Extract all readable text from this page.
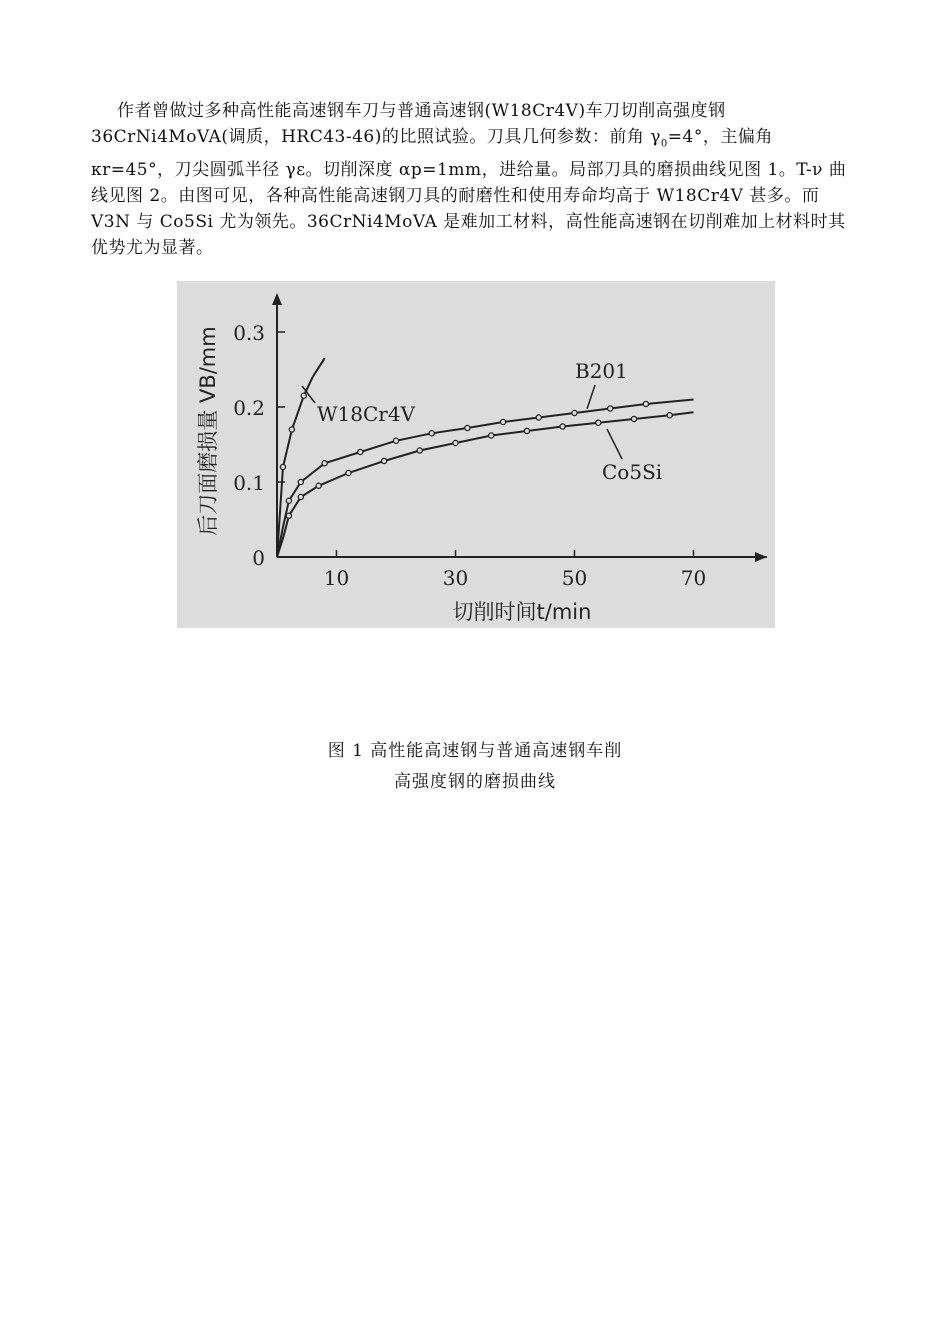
作者曾做过多种高性能高速钢车刀与普通高速钢(W18Cr4V)车刀切削高强度钢36CrNi4MoVA(调质，HRC43-46)的比照试验。刀具几何参数：前角 $\gamma_0=4^\circ$，主偏角 κr=45°，刀尖圆弧半径 γε。切削深度 αp=1mm，进给量。局部刀具的磨损曲线见图 1。T-ν 曲线见图 2。由图可见，各种高性能高速钢刀具的耐磨性和使用寿命均高于 W18Cr4V 甚多。而 V3N 与 Co5Si 尤为领先。36CrNi4MoVA 是难加工材料，高性能高速钢在切削难加上材料时其优势尤为显著。
10	30	50	70
0
0.1
0.2
0.3
切削时间t/min
后刀面磨损量 VB/mm	W18Cr4V
B201
Co5Si
图 1 高性能高速钢与普通高速钢车削
高强度钢的磨损曲线
